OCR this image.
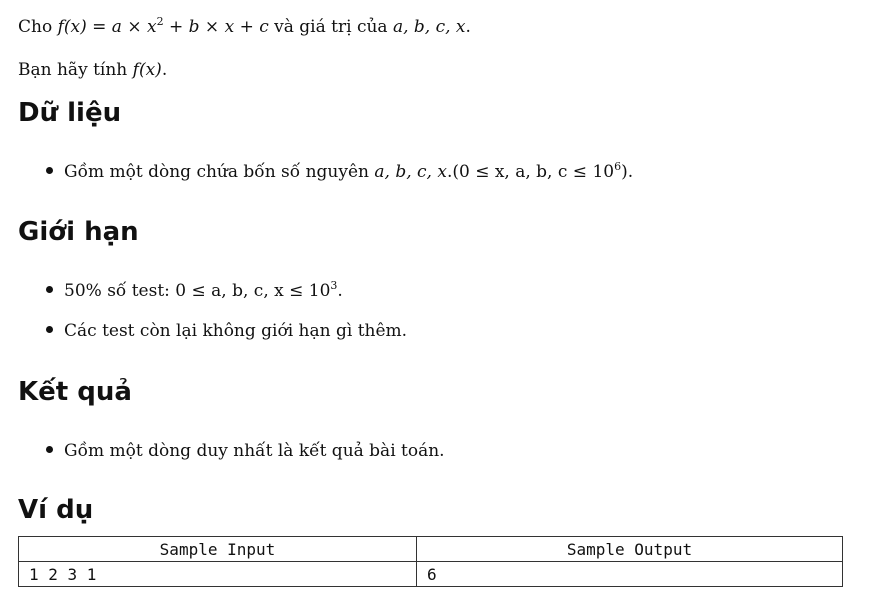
Cho $f(x) = a \times x^2 + b \times x + c$ và giá trị của a, b, c, x.
Bạn hãy tính f(x).
Dữ liệu
Gồm một dòng chứa bốn số nguyên a, b, c, x.(0 ≤ x, a, b, $c \le 10^6$).
Giới hạn
50% số test: 0 ≤ a, b, c, $x \le 10^3$.
Các test còn lại không giới hạn gì thêm.
Kết quả
Gồm một dòng duy nhất là kết quả bài toán.
Ví dụ
Sample Input	Sample Output
1 2 3 1	6
